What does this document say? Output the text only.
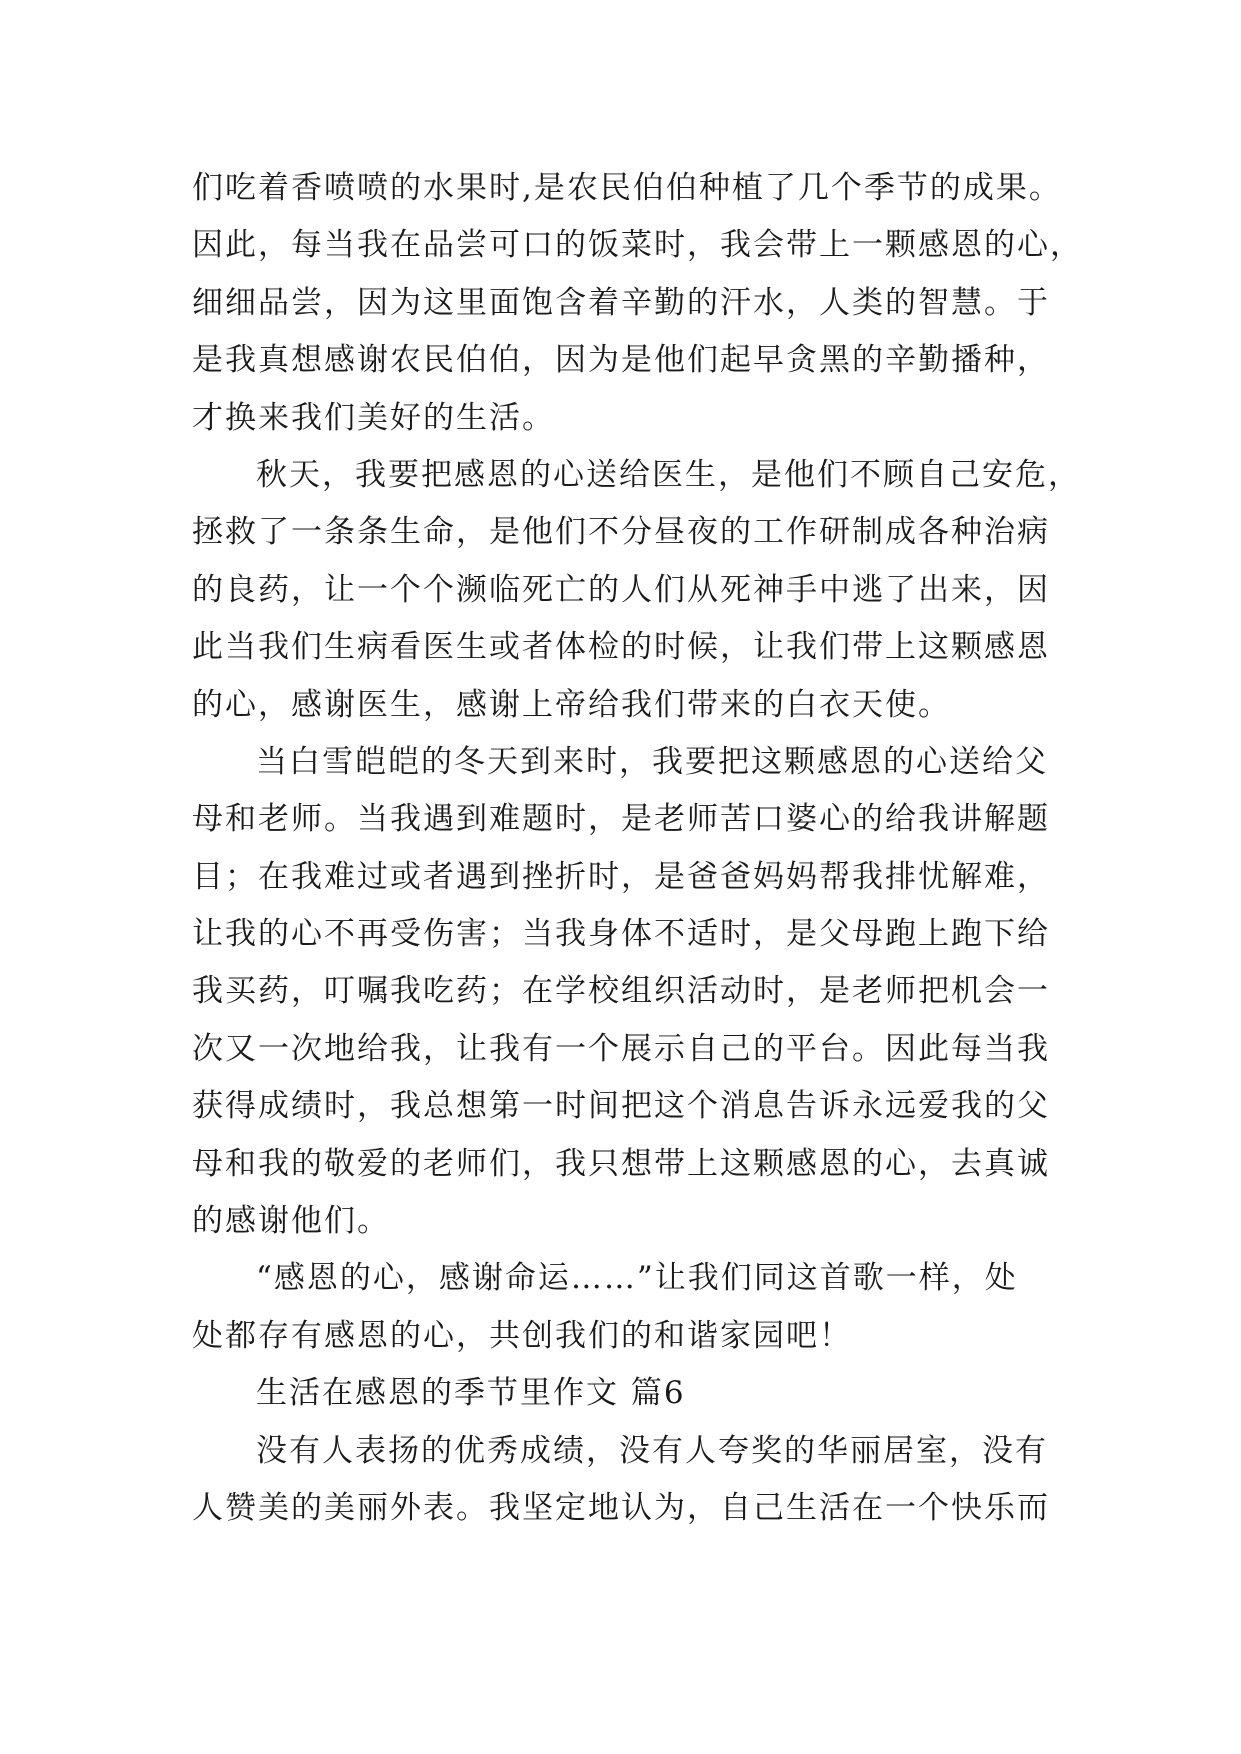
们吃着香喷喷的水果时,是农民伯伯种植了几个季节的成果。
因此，每当我在品尝可口的饭菜时，我会带上一颗感恩的心，
细细品尝，因为这里面饱含着辛勤的汗水，人类的智慧。于
是我真想感谢农民伯伯，因为是他们起早贪黑的辛勤播种，
才换来我们美好的生活。
秋天，我要把感恩的心送给医生，是他们不顾自己安危，
拯救了一条条生命，是他们不分昼夜的工作研制成各种治病
的良药，让一个个濒临死亡的人们从死神手中逃了出来，因
此当我们生病看医生或者体检的时候，让我们带上这颗感恩
的心，感谢医生，感谢上帝给我们带来的白衣天使。
当白雪皑皑的冬天到来时，我要把这颗感恩的心送给父
母和老师。当我遇到难题时，是老师苦口婆心的给我讲解题
目；在我难过或者遇到挫折时，是爸爸妈妈帮我排忧解难，
让我的心不再受伤害；当我身体不适时，是父母跑上跑下给
我买药，叮嘱我吃药；在学校组织活动时，是老师把机会一
次又一次地给我，让我有一个展示自己的平台。因此每当我
获得成绩时，我总想第一时间把这个消息告诉永远爱我的父
母和我的敬爱的老师们，我只想带上这颗感恩的心，去真诚
的感谢他们。
“感恩的心，感谢命运……”让我们同这首歌一样，处
处都存有感恩的心，共创我们的和谐家园吧！
生活在感恩的季节里作文 篇6
没有人表扬的优秀成绩，没有人夸奖的华丽居室，没有
人赞美的美丽外表。我坚定地认为，自己生活在一个快乐而
